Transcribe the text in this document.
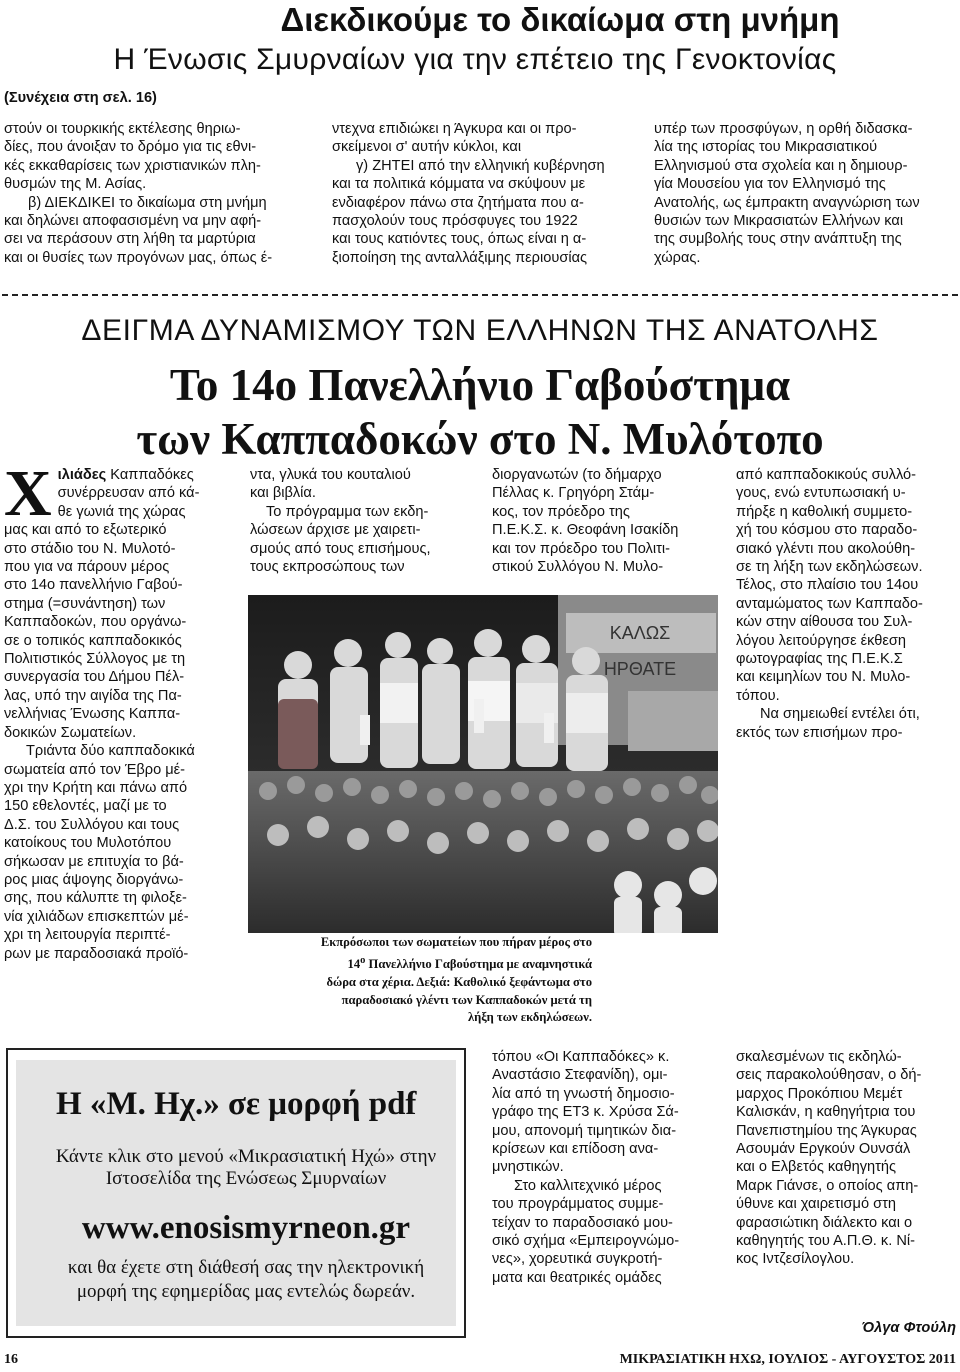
Διεκδικούμε το δικαίωμα στη μνήμη
Η Ένωσις Σμυρναίων για την επέτειο της Γενοκτονίας
(Συνέχεια στη σελ. 16)
στούν οι τουρκικής εκτέλεσης θηριω-
δίες, που άνοιξαν το δρόμο για τις εθνι-
κές εκκαθαρίσεις των χριστιανικών πλη-
θυσμών της Μ. Ασίας.
β) ΔΙΕΚΔΙΚΕΙ το δικαίωμα στη μνήμη
και δηλώνει αποφασισμένη να μην αφή-
σει να περάσουν στη λήθη τα μαρτύρια
και οι θυσίες των προγόνων μας, όπως έ-
ντεχνα επιδιώκει η Άγκυρα και οι προ-
σκείμενοι σ' αυτήν κύκλοι, και
γ) ΖΗΤΕΙ από την ελληνική κυβέρνηση
και τα πολιτικά κόμματα να σκύψουν με
ενδιαφέρον πάνω στα ζητήματα που α-
πασχολούν τους πρόσφυγες του 1922
και τους κατιόντες τους, όπως είναι η α-
ξιοποίηση της ανταλλάξιμης περιουσίας
υπέρ των προσφύγων, η ορθή διδασκα-
λία της ιστορίας του Μικρασιατικού
Ελληνισμού στα σχολεία και η δημιουρ-
γία Μουσείου για τον Ελληνισμό της
Ανατολής, ως έμπρακτη αναγνώριση των
θυσιών των Μικρασιατών Ελλήνων και
της συμβολής τους στην ανάπτυξη της
χώρας.
ΔΕΙΓΜΑ ΔΥΝΑΜΙΣΜΟΥ ΤΩΝ ΕΛΛΗΝΩΝ ΤΗΣ ΑΝΑΤΟΛΗΣ
Το 14ο Πανελλήνιο Γαβούστημα
των Καππαδοκών στο Ν. Μυλότοπο
Χ ιλιάδες Καππαδόκες
συνέρρευσαν από κά-
θε γωνιά της χώρας
μας και από το εξωτερικό
στο στάδιο του Ν. Μυλοτό-
που για να πάρουν μέρος
στο 14ο πανελλήνιο Γαβού-
στημα (=συνάντηση) των
Καππαδοκών, που οργάνω-
σε ο τοπικός καππαδοκικός
Πολιτιστικός Σύλλογος με τη
συνεργασία του Δήμου Πέλ-
λας, υπό την αιγίδα της Πα-
νελλήνιας Ένωσης Καππα-
δοκικών Σωματείων.
Τριάντα δύο καππαδοκικά
σωματεία από τον Έβρο μέ-
χρι την Κρήτη και πάνω από
150 εθελοντές, μαζί με το
Δ.Σ. του Συλλόγου και τους
κατοίκους του Μυλοτόπου
σήκωσαν με επιτυχία το βά-
ρος μιας άψογης διοργάνω-
σης, που κάλυπτε τη φιλοξε-
νία χιλιάδων επισκεπτών μέ-
χρι τη λειτουργία περιπτέ-
ρων με παραδοσιακά προϊό-
ντα, γλυκά του κουταλιού
και βιβλία.
Το πρόγραμμα των εκδη-
λώσεων άρχισε με χαιρετι-
σμούς από τους επισήμους,
τους εκπροσώπους των
διοργανωτών (το δήμαρχο
Πέλλας κ. Γρηγόρη Στάμ-
κος, τον πρόεδρο της
Π.Ε.Κ.Σ. κ. Θεοφάνη Ισακίδη
και τον πρόεδρο του Πολιτι-
στικού Συλλόγου Ν. Μυλο-
από καππαδοκικούς συλλό-
γους, ενώ εντυπωσιακή υ-
πήρξε η καθολική συμμετο-
χή του κόσμου στο παραδο-
σιακό γλέντι που ακολούθη-
σε τη λήξη των εκδηλώσεων.
Τέλος, στο πλαίσιο του 14ου
ανταμώματος των Καππαδο-
κών στην αίθουσα του Συλ-
λόγου λειτούργησε έκθεση
φωτογραφίας της Π.Ε.Κ.Σ
και κειμηλίων του Ν. Μυλο-
τόπου.
Να σημειωθεί εντέλει ότι,
εκτός των επισήμων προ-
ΚΑΛΩΣ
ΗΡΘΑΤΕ
Εκπρόσωποι των σωματείων που πήραν μέρος στο
$14^o$ Πανελλήνιο Γαβούστημα με αναμνηστικά
δώρα στα χέρια. Δεξιά: Καθολικό ξεφάντωμα στο
παραδοσιακό γλέντι των Καππαδοκών μετά τη
λήξη των εκδηλώσεων.
τόπου «Οι Καππαδόκες» κ.
Αναστάσιο Στεφανίδη), ομι-
λία από τη γνωστή δημοσιο-
γράφο της ΕΤ3 κ. Χρύσα Σά-
μου, απονομή τιμητικών δια-
κρίσεων και επίδοση ανα-
μνηστικών.
Στο καλλιτεχνικό μέρος
του προγράμματος συμμε-
τείχαν το παραδοσιακό μου-
σικό σχήμα «Εμπειρογνώμο-
νες», χορευτικά συγκροτή-
ματα και θεατρικές ομάδες
σκαλεσμένων τις εκδηλώ-
σεις παρακολούθησαν, ο δή-
μαρχος Προκόπιου Μεμέτ
Καλισκάν, η καθηγήτρια του
Πανεπιστημίου της Άγκυρας
Ασουμάν Εργκούν Ουνσάλ
και ο Ελβετός καθηγητής
Μαρκ Γιάνσε, ο οποίος απη-
ύθυνε και χαιρετισμό στη
φαρασιώτικη διάλεκτο και ο
καθηγητής του Α.Π.Θ. κ. Νί-
κος Ιντζεσίλογλου.
Όλγα Φτούλη
Η «Μ. Ηχ.» σε μορφή pdf
Κάντε κλικ στο μενού «Μικρασιατική Ηχώ» στην
Ιστοσελίδα της Ενώσεως Σμυρναίων
www.enosismyrneon.gr
και θα έχετε στη διάθεσή σας την ηλεκτρονική
μορφή της εφημερίδας μας εντελώς δωρεάν.
16	ΜΙΚΡΑΣΙΑΤΙΚΗ ΗΧΩ, ΙΟΥΛΙΟΣ - ΑΥΓΟΥΣΤΟΣ 2011
